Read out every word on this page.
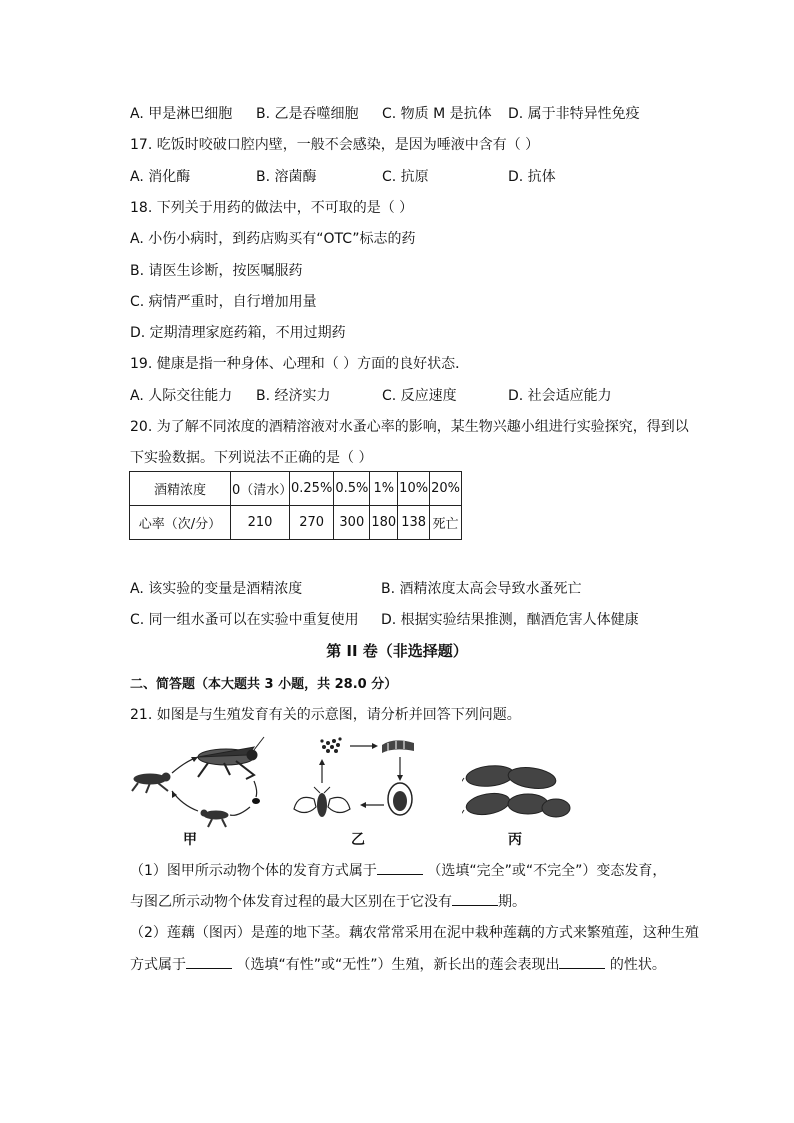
A. 甲是淋巴细胞 B. 乙是吞噬细胞 C. 物质 M 是抗体 D. 属于非特异性免疫
17. 吃饭时咬破口腔内壁，一般不会感染，是因为唾液中含有（ ）
A. 消化酶	B. 溶菌酶	C. 抗原	D. 抗体
18. 下列关于用药的做法中，不可取的是（ ）
A. 小伤小病时，到药店购买有“OTC”标志的药
B. 请医生诊断，按医嘱服药
C. 病情严重时，自行增加用量
D. 定期清理家庭药箱，不用过期药
19. 健康是指一种身体、心理和（ ）方面的良好状态．
A. 人际交往能力 B. 经济实力	C. 反应速度	D. 社会适应能力
20. 为了解不同浓度的酒精溶液对水蚤心率的影响，某生物兴趣小组进行实验探究，得到以
下实验数据。下列说法不正确的是（ ）
酒精浓度	0（清水）	0.25%	0.5%	1%	10%	20%
心率（次/分）	210	270	300	180	138	死亡
A. 该实验的变量是酒精浓度	B. 酒精浓度太高会导致水蚤死亡
C. 同一组水蚤可以在实验中重复使用 D. 根据实验结果推测，酗酒危害人体健康
第 II 卷（非选择题）
二、简答题（本大题共 3 小题，共 28.0 分）
21. 如图是与生殖发育有关的示意图，请分析并回答下列问题。
甲	乙	丙
（1）图甲所示动物个体的发育方式属于	（选填“完全”或“不完全”）变态发育，
与图乙所示动物个体发育过程的最大区别在于它没有	期。
（2）莲藕（图丙）是莲的地下茎。藕农常常采用在泥中栽种莲藕的方式来繁殖莲，这种生殖
方式属于	（选填“有性”或“无性”）生殖，新长出的莲会表现出	的性状。
